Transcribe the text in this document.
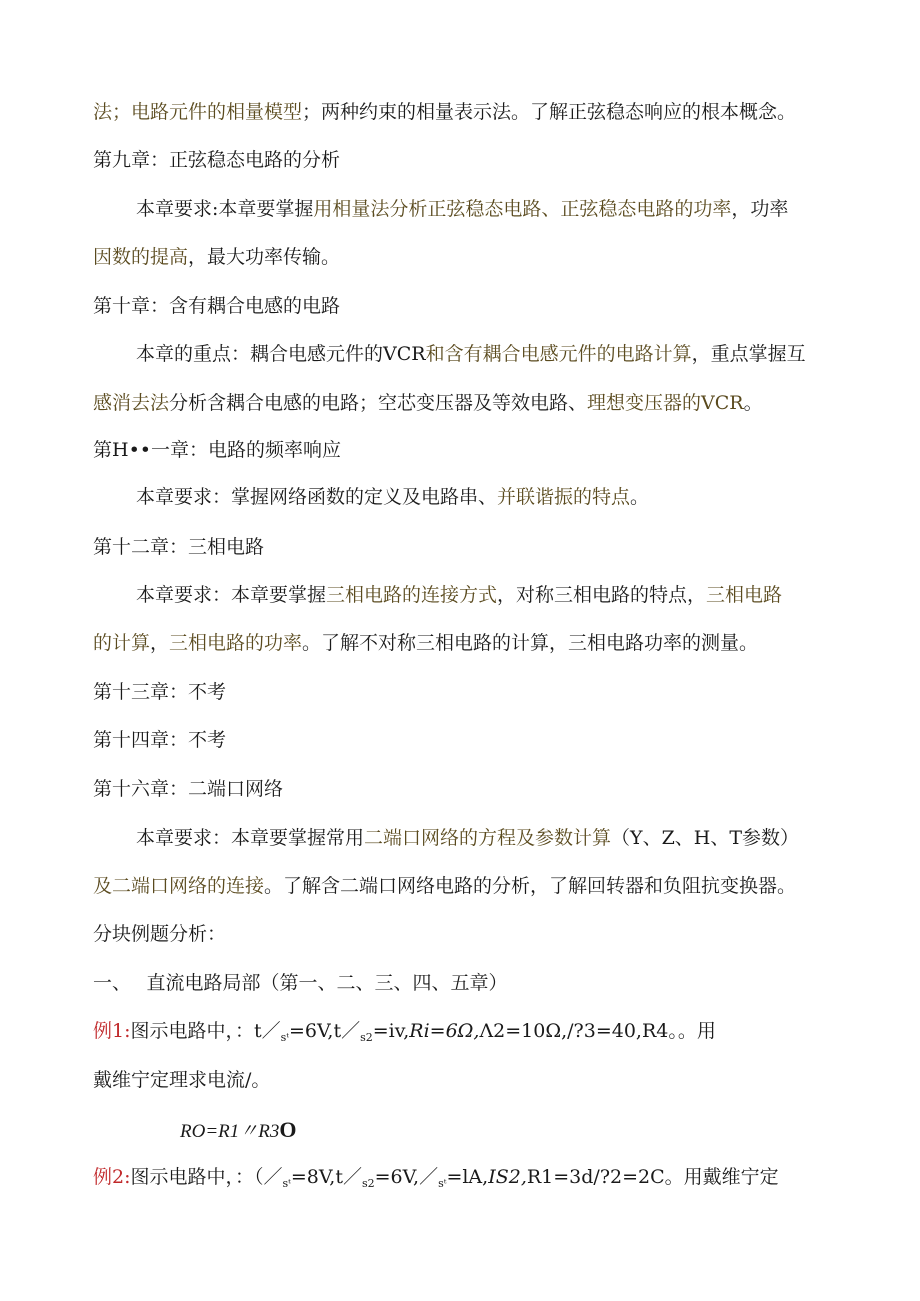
法；电路元件的相量模型；两种约束的相量表示法。了解正弦稳态响应的根本概念。
第九章：正弦稳态电路的分析
本章要求:本章要掌握用相量法分析正弦稳态电路、正弦稳态电路的功率，功率
因数的提高，最大功率传输。
第十章：含有耦合电感的电路
本章的重点：耦合电感元件的VCR和含有耦合电感元件的电路计算，重点掌握互
感消去法分析含耦合电感的电路；空芯变压器及等效电路、理想变压器的VCR。
第H••一章：电路的频率响应
本章要求：掌握网络函数的定义及电路串、并联谐振的特点。
第十二章：三相电路
本章要求：本章要掌握三相电路的连接方式，对称三相电路的特点，三相电路
的计算，三相电路的功率。了解不对称三相电路的计算，三相电路功率的测量。
第十三章：不考
第十四章：不考
第十六章：二端口网络
本章要求：本章要掌握常用二端口网络的方程及参数计算（Y、Z、H、T参数）
及二端口网络的连接。了解含二端口网络电路的分析，了解回转器和负阻抗变换器。
分块例题分析：
一、　 直流电路局部（第一、二、三、四、五章）
例1:图示电路中，：$t/_{sᵗ}=6V,t/_{s2}=iv,Ri=6\Omega,\Lambda 2=10\Omega,/?3=40,R4$。。用
戴维宁定理求电流/。
RO=R1〃R3O
例2:图示电路中，：（$/_{sᵗ}=8V,t/_{s2}=6V,/_{sᵗ}=lA,IS2,R1=3d/?2=2C$。用戴维宁定
